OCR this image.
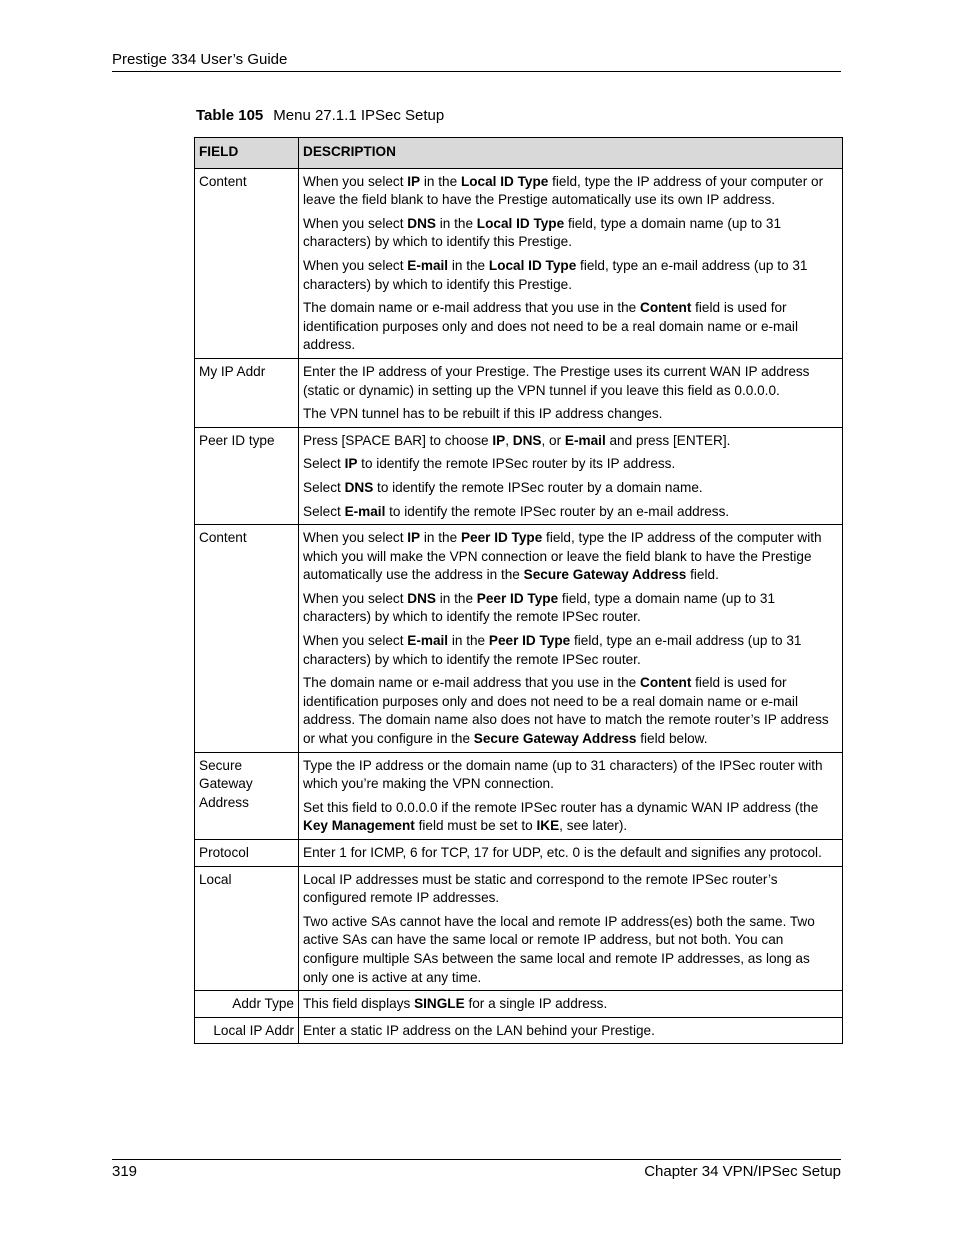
Prestige 334 User’s Guide
Table 105 Menu 27.1.1 IPSec Setup
FIELD	DESCRIPTION
Content	When you select IP in the Local ID Type field, type the IP address of your computer or leave the field blank to have the Prestige automatically use its own IP address.

When you select DNS in the Local ID Type field, type a domain name (up to 31 characters) by which to identify this Prestige.

When you select E-mail in the Local ID Type field, type an e-mail address (up to 31 characters) by which to identify this Prestige.

The domain name or e-mail address that you use in the Content field is used for identification purposes only and does not need to be a real domain name or e-mail address.

My IP Addr	Enter the IP address of your Prestige. The Prestige uses its current WAN IP address (static or dynamic) in setting up the VPN tunnel if you leave this field as 0.0.0.0.

The VPN tunnel has to be rebuilt if this IP address changes.

Peer ID type	Press [SPACE BAR] to choose IP, DNS, or E-mail and press [ENTER].

Select IP to identify the remote IPSec router by its IP address.

Select DNS to identify the remote IPSec router by a domain name.

Select E-mail to identify the remote IPSec router by an e-mail address.

Content	When you select IP in the Peer ID Type field, type the IP address of the computer with which you will make the VPN connection or leave the field blank to have the Prestige automatically use the address in the Secure Gateway Address field.

When you select DNS in the Peer ID Type field, type a domain name (up to 31 characters) by which to identify the remote IPSec router.

When you select E-mail in the Peer ID Type field, type an e-mail address (up to 31 characters) by which to identify the remote IPSec router.

The domain name or e-mail address that you use in the Content field is used for identification purposes only and does not need to be a real domain name or e-mail address. The domain name also does not have to match the remote router’s IP address or what you configure in the Secure Gateway Address field below.

Secure Gateway Address	Type the IP address or the domain name (up to 31 characters) of the IPSec router with which you’re making the VPN connection.

Set this field to 0.0.0.0 if the remote IPSec router has a dynamic WAN IP address (the Key Management field must be set to IKE, see later).

Protocol	Enter 1 for ICMP, 6 for TCP, 17 for UDP, etc. 0 is the default and signifies any protocol.

Local	Local IP addresses must be static and correspond to the remote IPSec router’s configured remote IP addresses.

Two active SAs cannot have the local and remote IP address(es) both the same. Two active SAs can have the same local or remote IP address, but not both. You can configure multiple SAs between the same local and remote IP addresses, as long as only one is active at any time.

Addr Type	This field displays SINGLE for a single IP address.

Local IP Addr	Enter a static IP address on the LAN behind your Prestige.

319	Chapter 34 VPN/IPSec Setup
